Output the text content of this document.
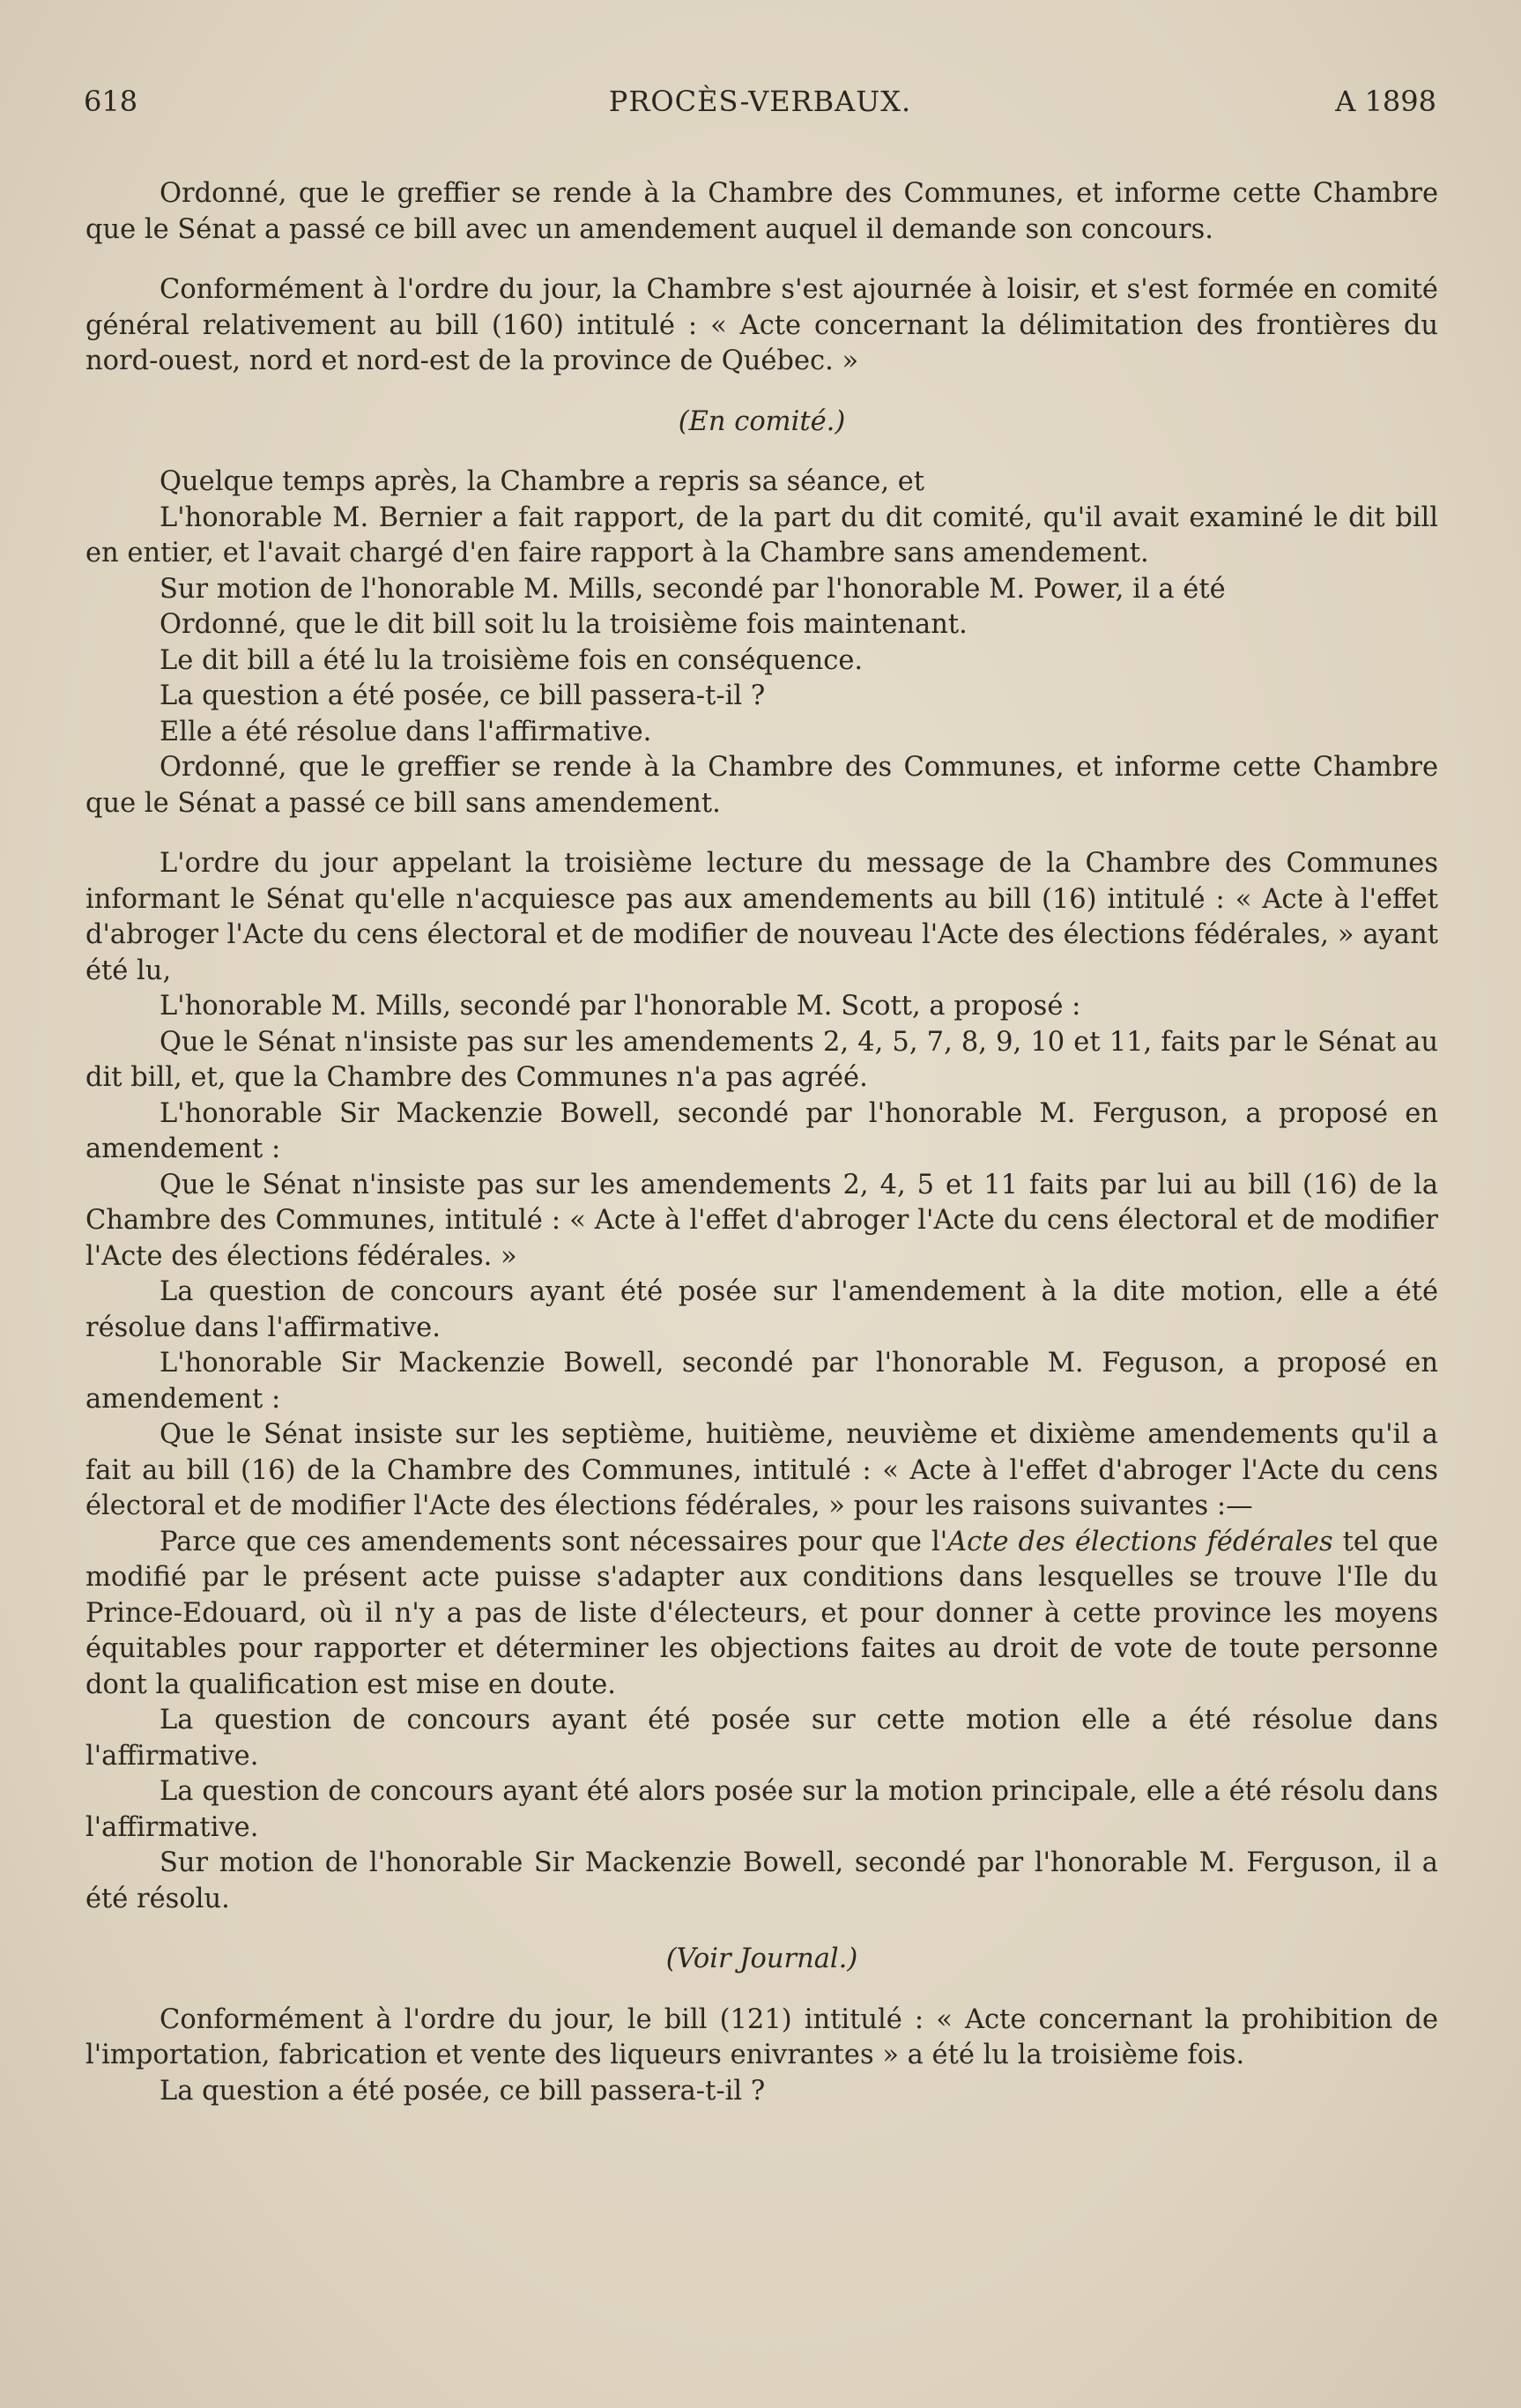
618	PROCÈS-VERBAUX.	A 1898

Ordonné, que le greffier se rende à la Chambre des Communes, et informe cette Chambre que le Sénat a passé ce bill avec un amendement auquel il demande son concours.

Conformément à l'ordre du jour, la Chambre s'est ajournée à loisir, et s'est formée en comité général relativement au bill (160) intitulé : « Acte concernant la délimitation des frontières du nord-ouest, nord et nord-est de la province de Québec. »

(En comité.)

Quelque temps après, la Chambre a repris sa séance, et

L'honorable M. Bernier a fait rapport, de la part du dit comité, qu'il avait examiné le dit bill en entier, et l'avait chargé d'en faire rapport à la Chambre sans amendement.

Sur motion de l'honorable M. Mills, secondé par l'honorable M. Power, il a été

Ordonné, que le dit bill soit lu la troisième fois maintenant.

Le dit bill a été lu la troisième fois en conséquence.

La question a été posée, ce bill passera-t-il ?

Elle a été résolue dans l'affirmative.

Ordonné, que le greffier se rende à la Chambre des Communes, et informe cette Chambre que le Sénat a passé ce bill sans amendement.

L'ordre du jour appelant la troisième lecture du message de la Chambre des Communes informant le Sénat qu'elle n'acquiesce pas aux amendements au bill (16) intitulé : « Acte à l'effet d'abroger l'Acte du cens électoral et de modifier de nouveau l'Acte des élections fédérales, » ayant été lu,

L'honorable M. Mills, secondé par l'honorable M. Scott, a proposé :

Que le Sénat n'insiste pas sur les amendements 2, 4, 5, 7, 8, 9, 10 et 11, faits par le Sénat au dit bill, et, que la Chambre des Communes n'a pas agréé.

L'honorable Sir Mackenzie Bowell, secondé par l'honorable M. Ferguson, a proposé en amendement :

Que le Sénat n'insiste pas sur les amendements 2, 4, 5 et 11 faits par lui au bill (16) de la Chambre des Communes, intitulé : « Acte à l'effet d'abroger l'Acte du cens électoral et de modifier l'Acte des élections fédérales. »

La question de concours ayant été posée sur l'amendement à la dite motion, elle a été résolue dans l'affirmative.

L'honorable Sir Mackenzie Bowell, secondé par l'honorable M. Feguson, a proposé en amendement :

Que le Sénat insiste sur les septième, huitième, neuvième et dixième amendements qu'il a fait au bill (16) de la Chambre des Communes, intitulé : « Acte à l'effet d'abroger l'Acte du cens électoral et de modifier l'Acte des élections fédérales, » pour les raisons suivantes :—

Parce que ces amendements sont nécessaires pour que l'Acte des élections fédérales tel que modifié par le présent acte puisse s'adapter aux conditions dans lesquelles se trouve l'Ile du Prince-Edouard, où il n'y a pas de liste d'électeurs, et pour donner à cette province les moyens équitables pour rapporter et déterminer les objections faites au droit de vote de toute personne dont la qualification est mise en doute.

La question de concours ayant été posée sur cette motion elle a été résolue dans l'affirmative.

La question de concours ayant été alors posée sur la motion principale, elle a été résolu dans l'affirmative.

Sur motion de l'honorable Sir Mackenzie Bowell, secondé par l'honorable M. Ferguson, il a été résolu.

(Voir Journal.)

Conformément à l'ordre du jour, le bill (121) intitulé : « Acte concernant la prohibition de l'importation, fabrication et vente des liqueurs enivrantes » a été lu la troisième fois.

La question a été posée, ce bill passera-t-il ?
